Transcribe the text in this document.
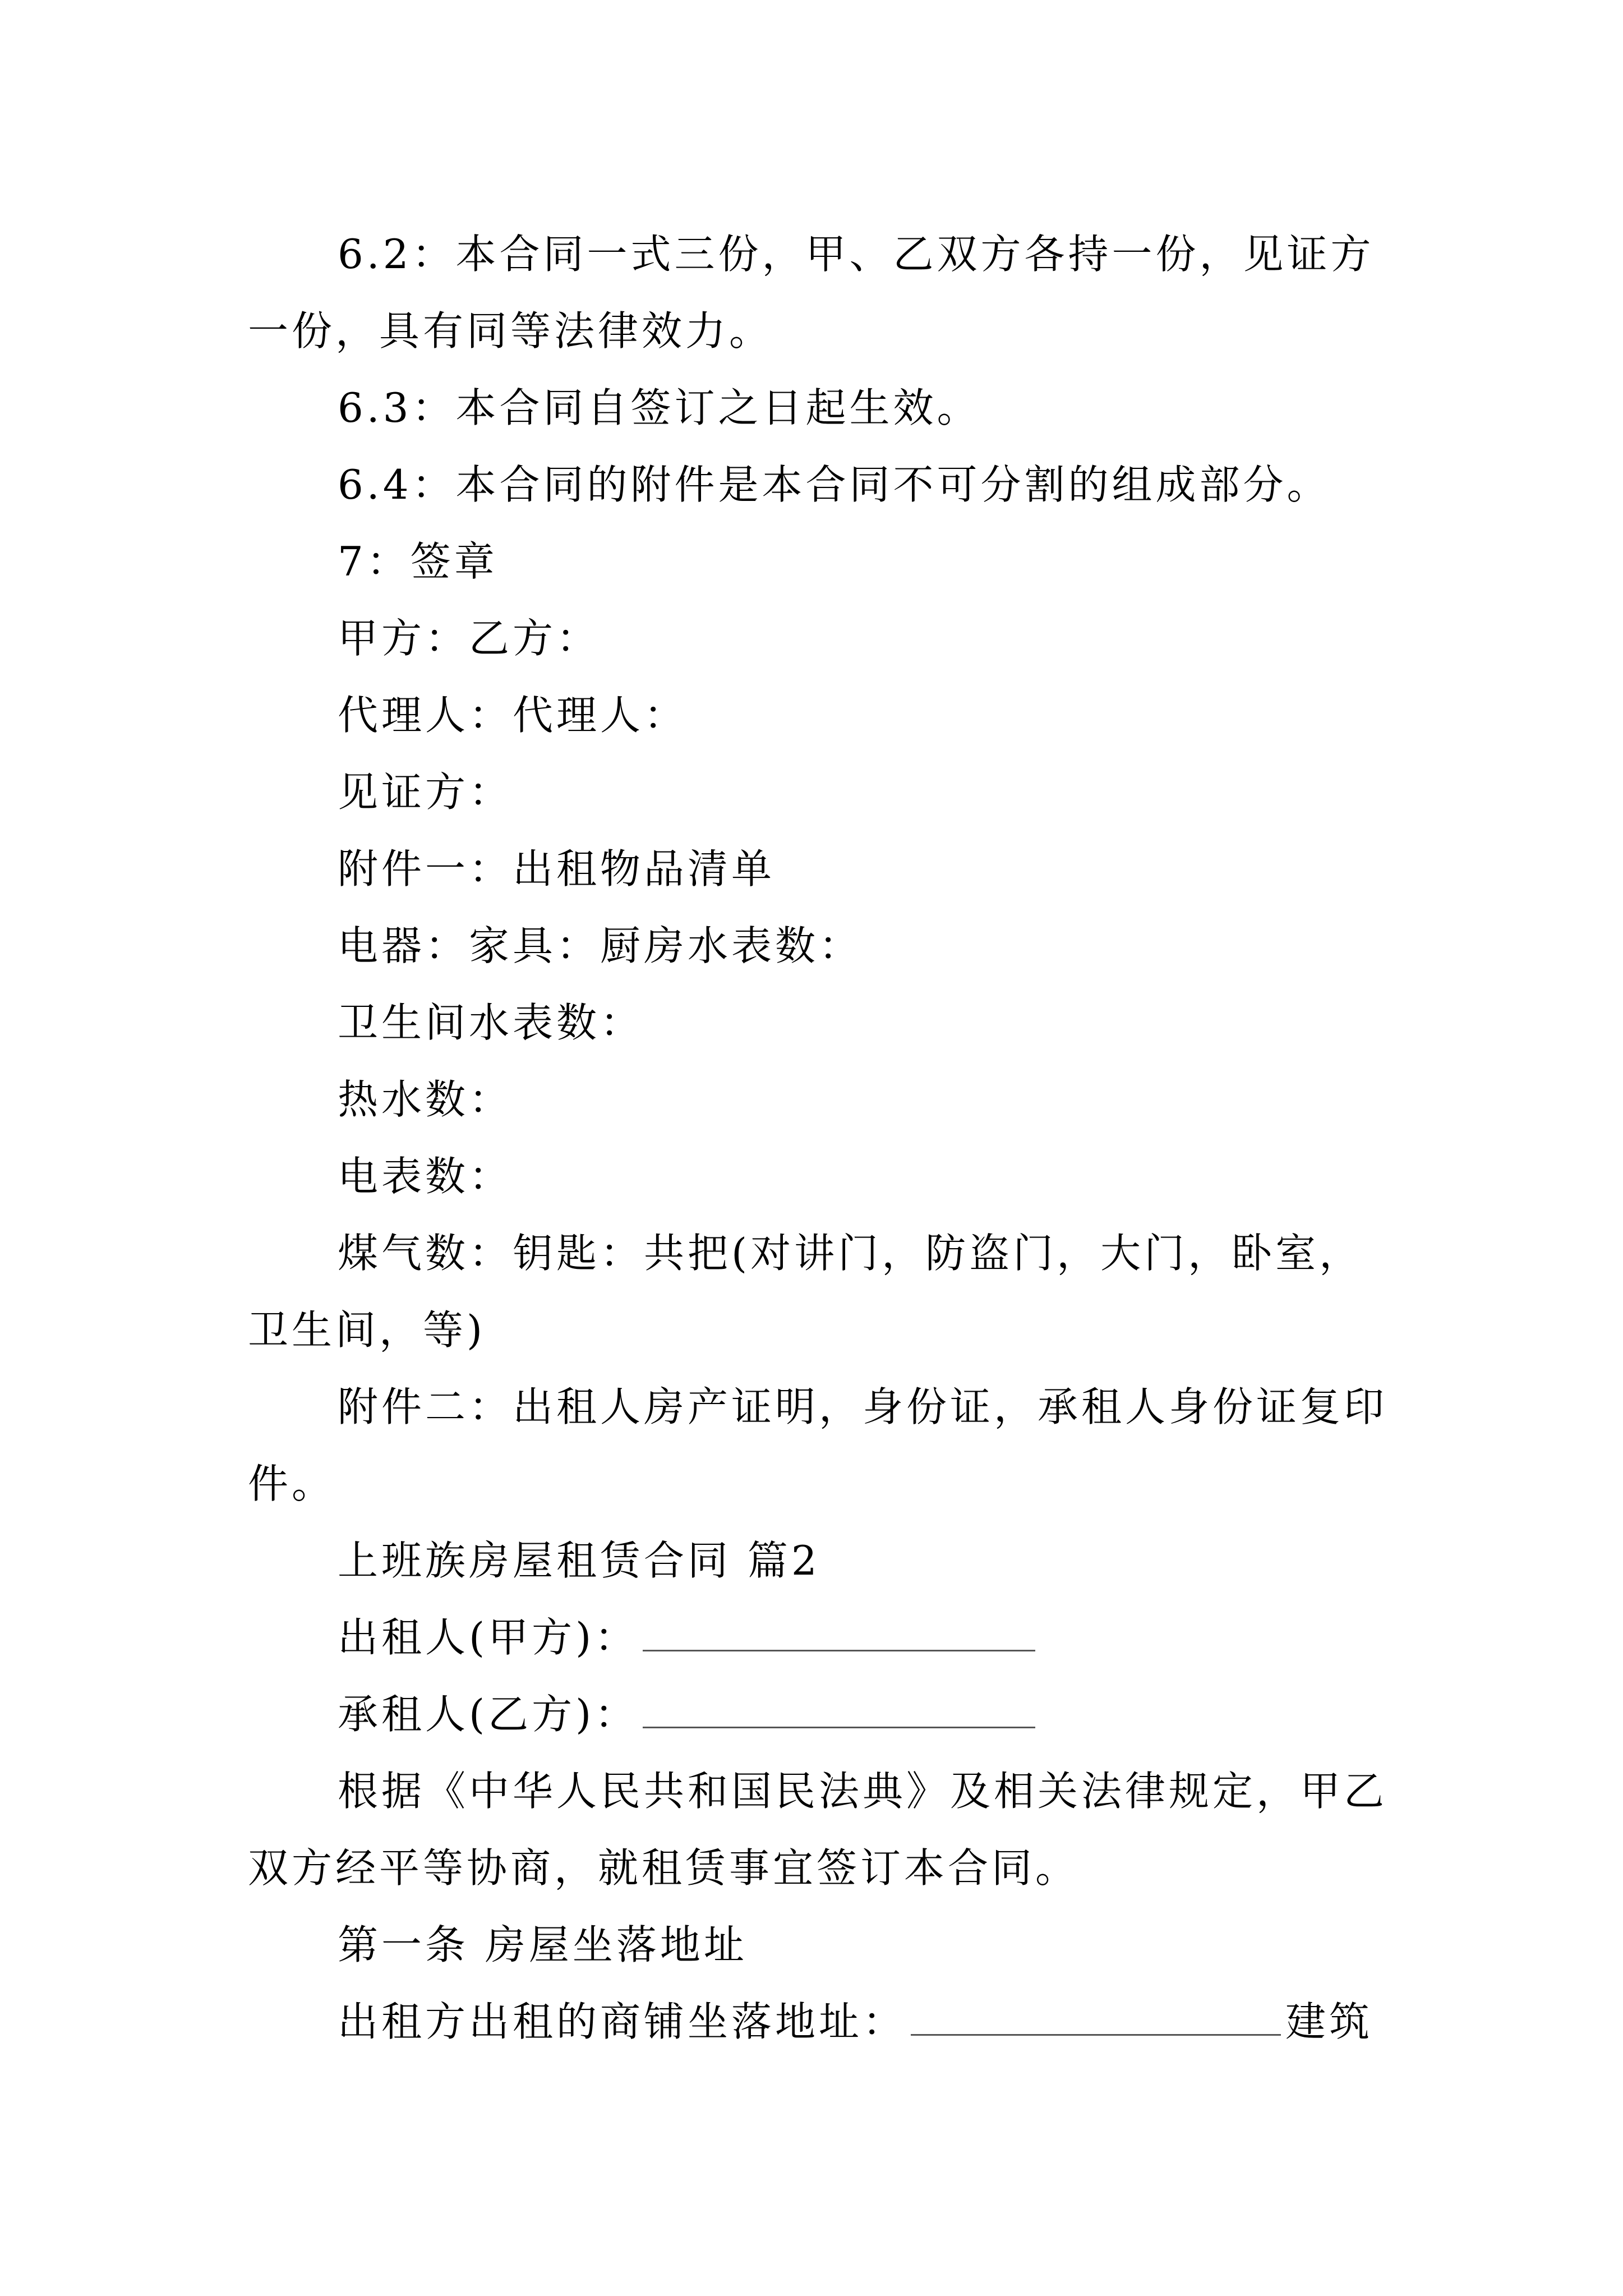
6.2：本合同一式三份，甲、乙双方各持一份，见证方一份，具有同等法律效力。

6.3：本合同自签订之日起生效。

6.4：本合同的附件是本合同不可分割的组成部分。

7：签章

甲方：乙方：

代理人：代理人：

见证方：

附件一：出租物品清单

电器：家具：厨房水表数：

卫生间水表数：

热水数：

电表数：

煤气数：钥匙：共把(对讲门，防盗门，大门，卧室，卫生间，等)

附件二：出租人房产证明，身份证，承租人身份证复印件。

上班族房屋租赁合同 篇2

出租人(甲方)：

承租人(乙方)：

根据《中华人民共和国民法典》及相关法律规定，甲乙双方经平等协商，就租赁事宜签订本合同。

第一条 房屋坐落地址

出租方出租的商铺坐落地址：	建筑
